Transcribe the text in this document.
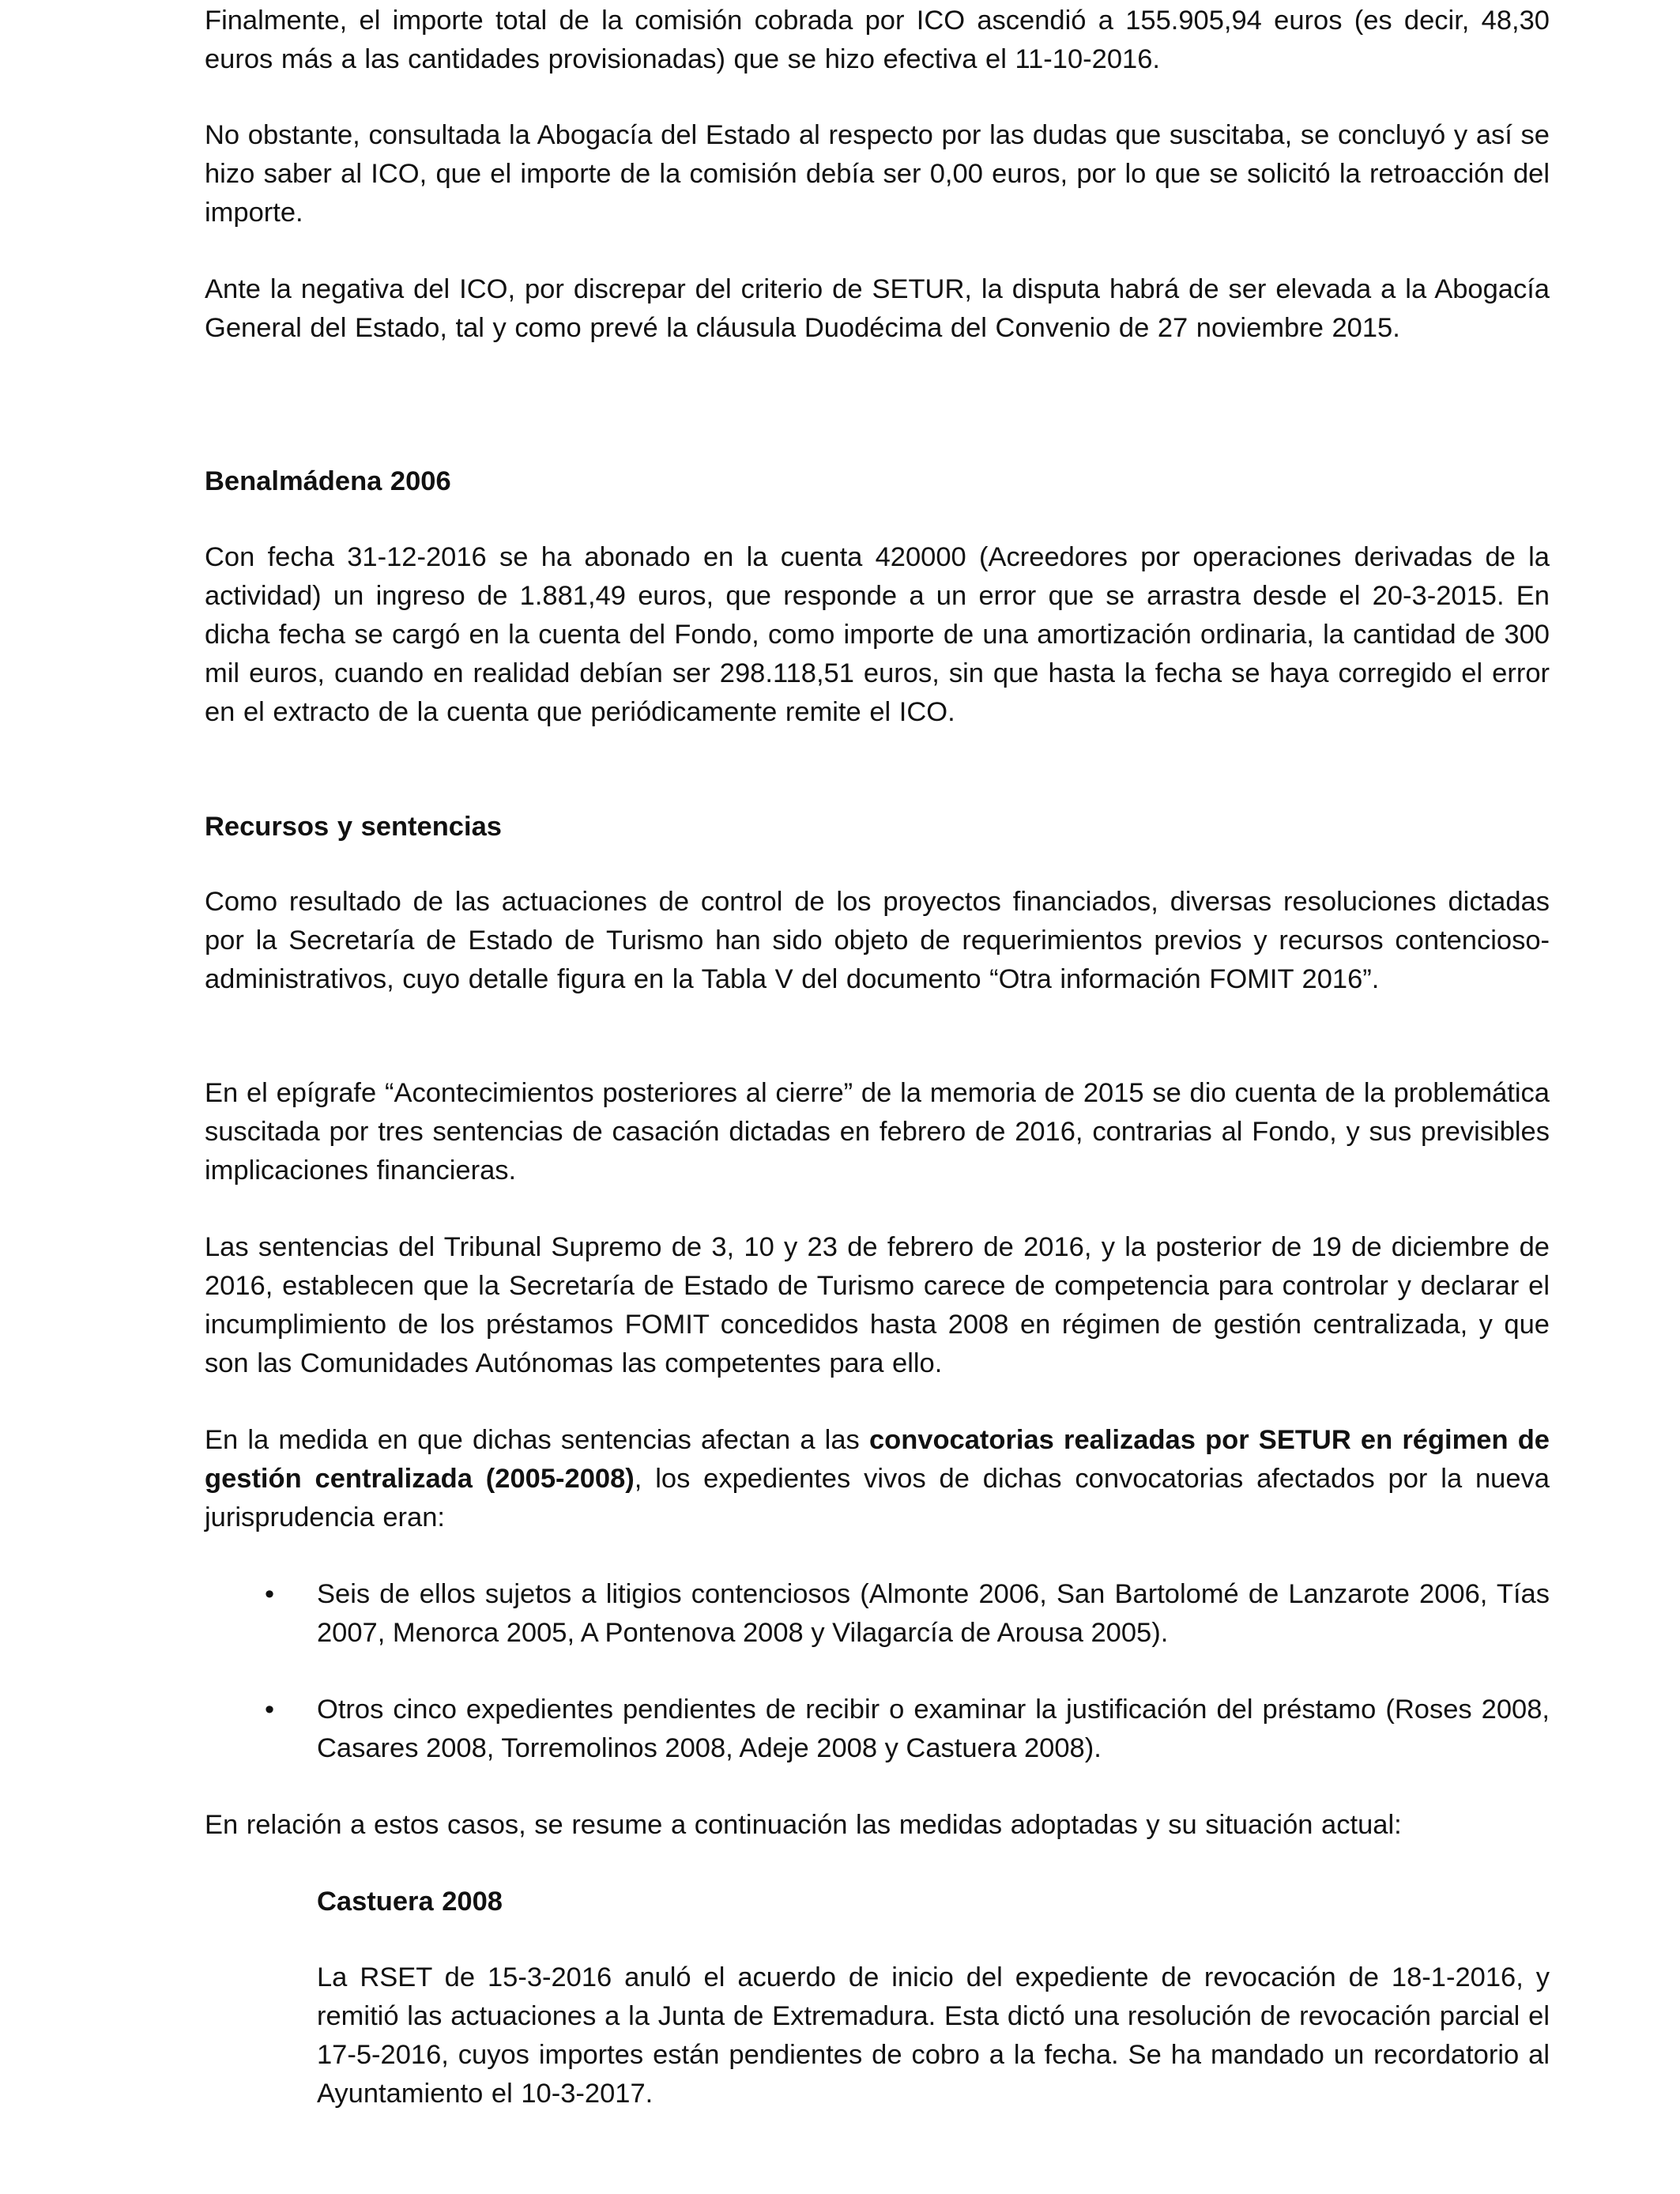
Finalmente, el importe total de la comisión cobrada por ICO ascendió a 155.905,94 euros (es decir, 48,30 euros más a las cantidades provisionadas) que se hizo efectiva el 11-10-2016.

No obstante, consultada la Abogacía del Estado al respecto por las dudas que suscitaba, se concluyó y así se hizo saber al ICO, que el importe de la comisión debía ser 0,00 euros, por lo que se solicitó la retroacción del importe.

Ante la negativa del ICO, por discrepar del criterio de SETUR, la disputa habrá de ser elevada a la Abogacía General del Estado, tal y como prevé la cláusula Duodécima del Convenio de 27 noviembre 2015.

Benalmádena 2006

Con fecha 31-12-2016 se ha abonado en la cuenta 420000 (Acreedores por operaciones derivadas de la actividad) un ingreso de 1.881,49 euros, que responde a un error que se arrastra desde el 20-3-2015. En dicha fecha se cargó en la cuenta del Fondo, como importe de una amortización ordinaria, la cantidad de 300 mil euros, cuando en realidad debían ser 298.118,51 euros, sin que hasta la fecha se haya corregido el error en el extracto de la cuenta que periódicamente remite el ICO.

Recursos y sentencias

Como resultado de las actuaciones de control de los proyectos financiados, diversas resoluciones dictadas por la Secretaría de Estado de Turismo han sido objeto de requerimientos previos y recursos contencioso-administrativos, cuyo detalle figura en la Tabla V del documento “Otra información FOMIT 2016”.

En el epígrafe “Acontecimientos posteriores al cierre” de la memoria de 2015 se dio cuenta de la problemática suscitada por tres sentencias de casación dictadas en febrero de 2016, contrarias al Fondo, y sus previsibles implicaciones financieras.

Las sentencias del Tribunal Supremo de 3, 10 y 23 de febrero de 2016, y la posterior de 19 de diciembre de 2016, establecen que la Secretaría de Estado de Turismo carece de competencia para controlar y declarar el incumplimiento de los préstamos FOMIT concedidos hasta 2008 en régimen de gestión centralizada, y que son las Comunidades Autónomas las competentes para ello.

En la medida en que dichas sentencias afectan a las convocatorias realizadas por SETUR en régimen de gestión centralizada (2005-2008), los expedientes vivos de dichas convocatorias afectados por la nueva jurisprudencia eran:

• Seis de ellos sujetos a litigios contenciosos (Almonte 2006, San Bartolomé de Lanzarote 2006, Tías 2007, Menorca 2005, A Pontenova 2008 y Vilagarcía de Arousa 2005).

• Otros cinco expedientes pendientes de recibir o examinar la justificación del préstamo (Roses 2008, Casares 2008, Torremolinos 2008, Adeje 2008 y Castuera 2008).

En relación a estos casos, se resume a continuación las medidas adoptadas y su situación actual:

Castuera 2008

La RSET de 15-3-2016 anuló el acuerdo de inicio del expediente de revocación de 18-1-2016, y remitió las actuaciones a la Junta de Extremadura. Esta dictó una resolución de revocación parcial el 17-5-2016, cuyos importes están pendientes de cobro a la fecha. Se ha mandado un recordatorio al Ayuntamiento el 10-3-2017.
